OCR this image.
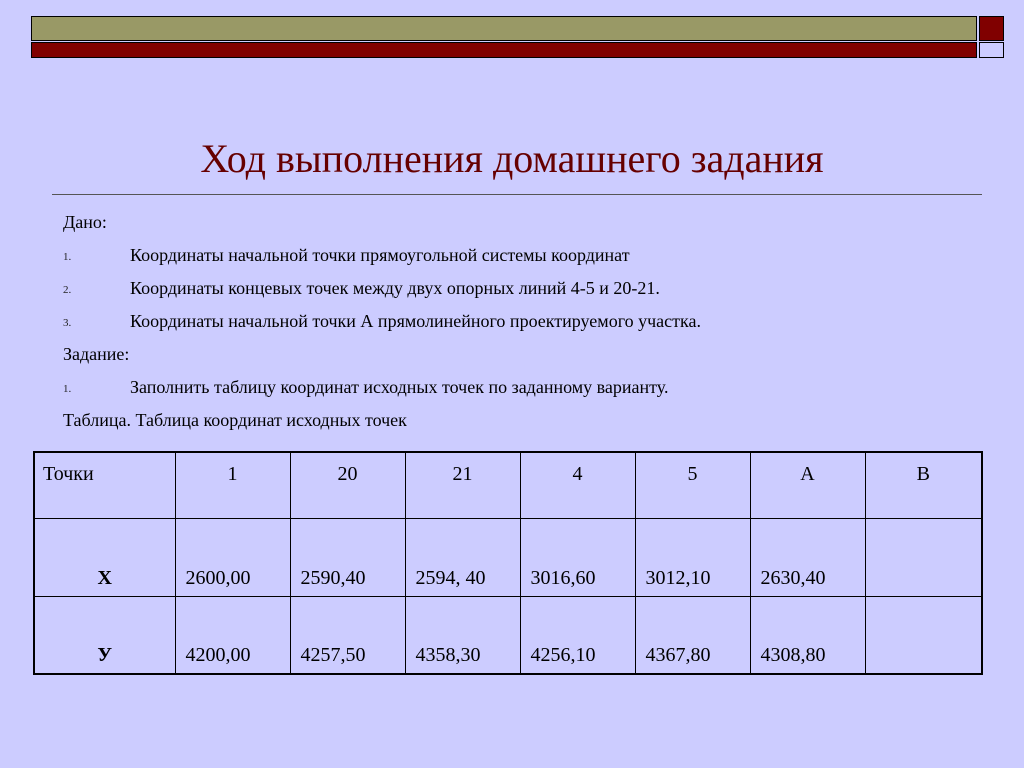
Ход выполнения домашнего задания
Дано:
1.	Координаты начальной точки прямоугольной системы координат
2.	Координаты концевых точек между двух опорных линий 4-5 и 20-21.
3.	Координаты начальной точки А прямолинейного проектируемого участка.
Задание:
1.	Заполнить таблицу координат исходных точек по заданному варианту.
Таблица. Таблица координат исходных точек
Точки	1	20	21	4	5	А	В
Х	2600,00	2590,40	2594, 40	3016,60	3012,10	2630,40	
У	4200,00	4257,50	4358,30	4256,10	4367,80	4308,80	
